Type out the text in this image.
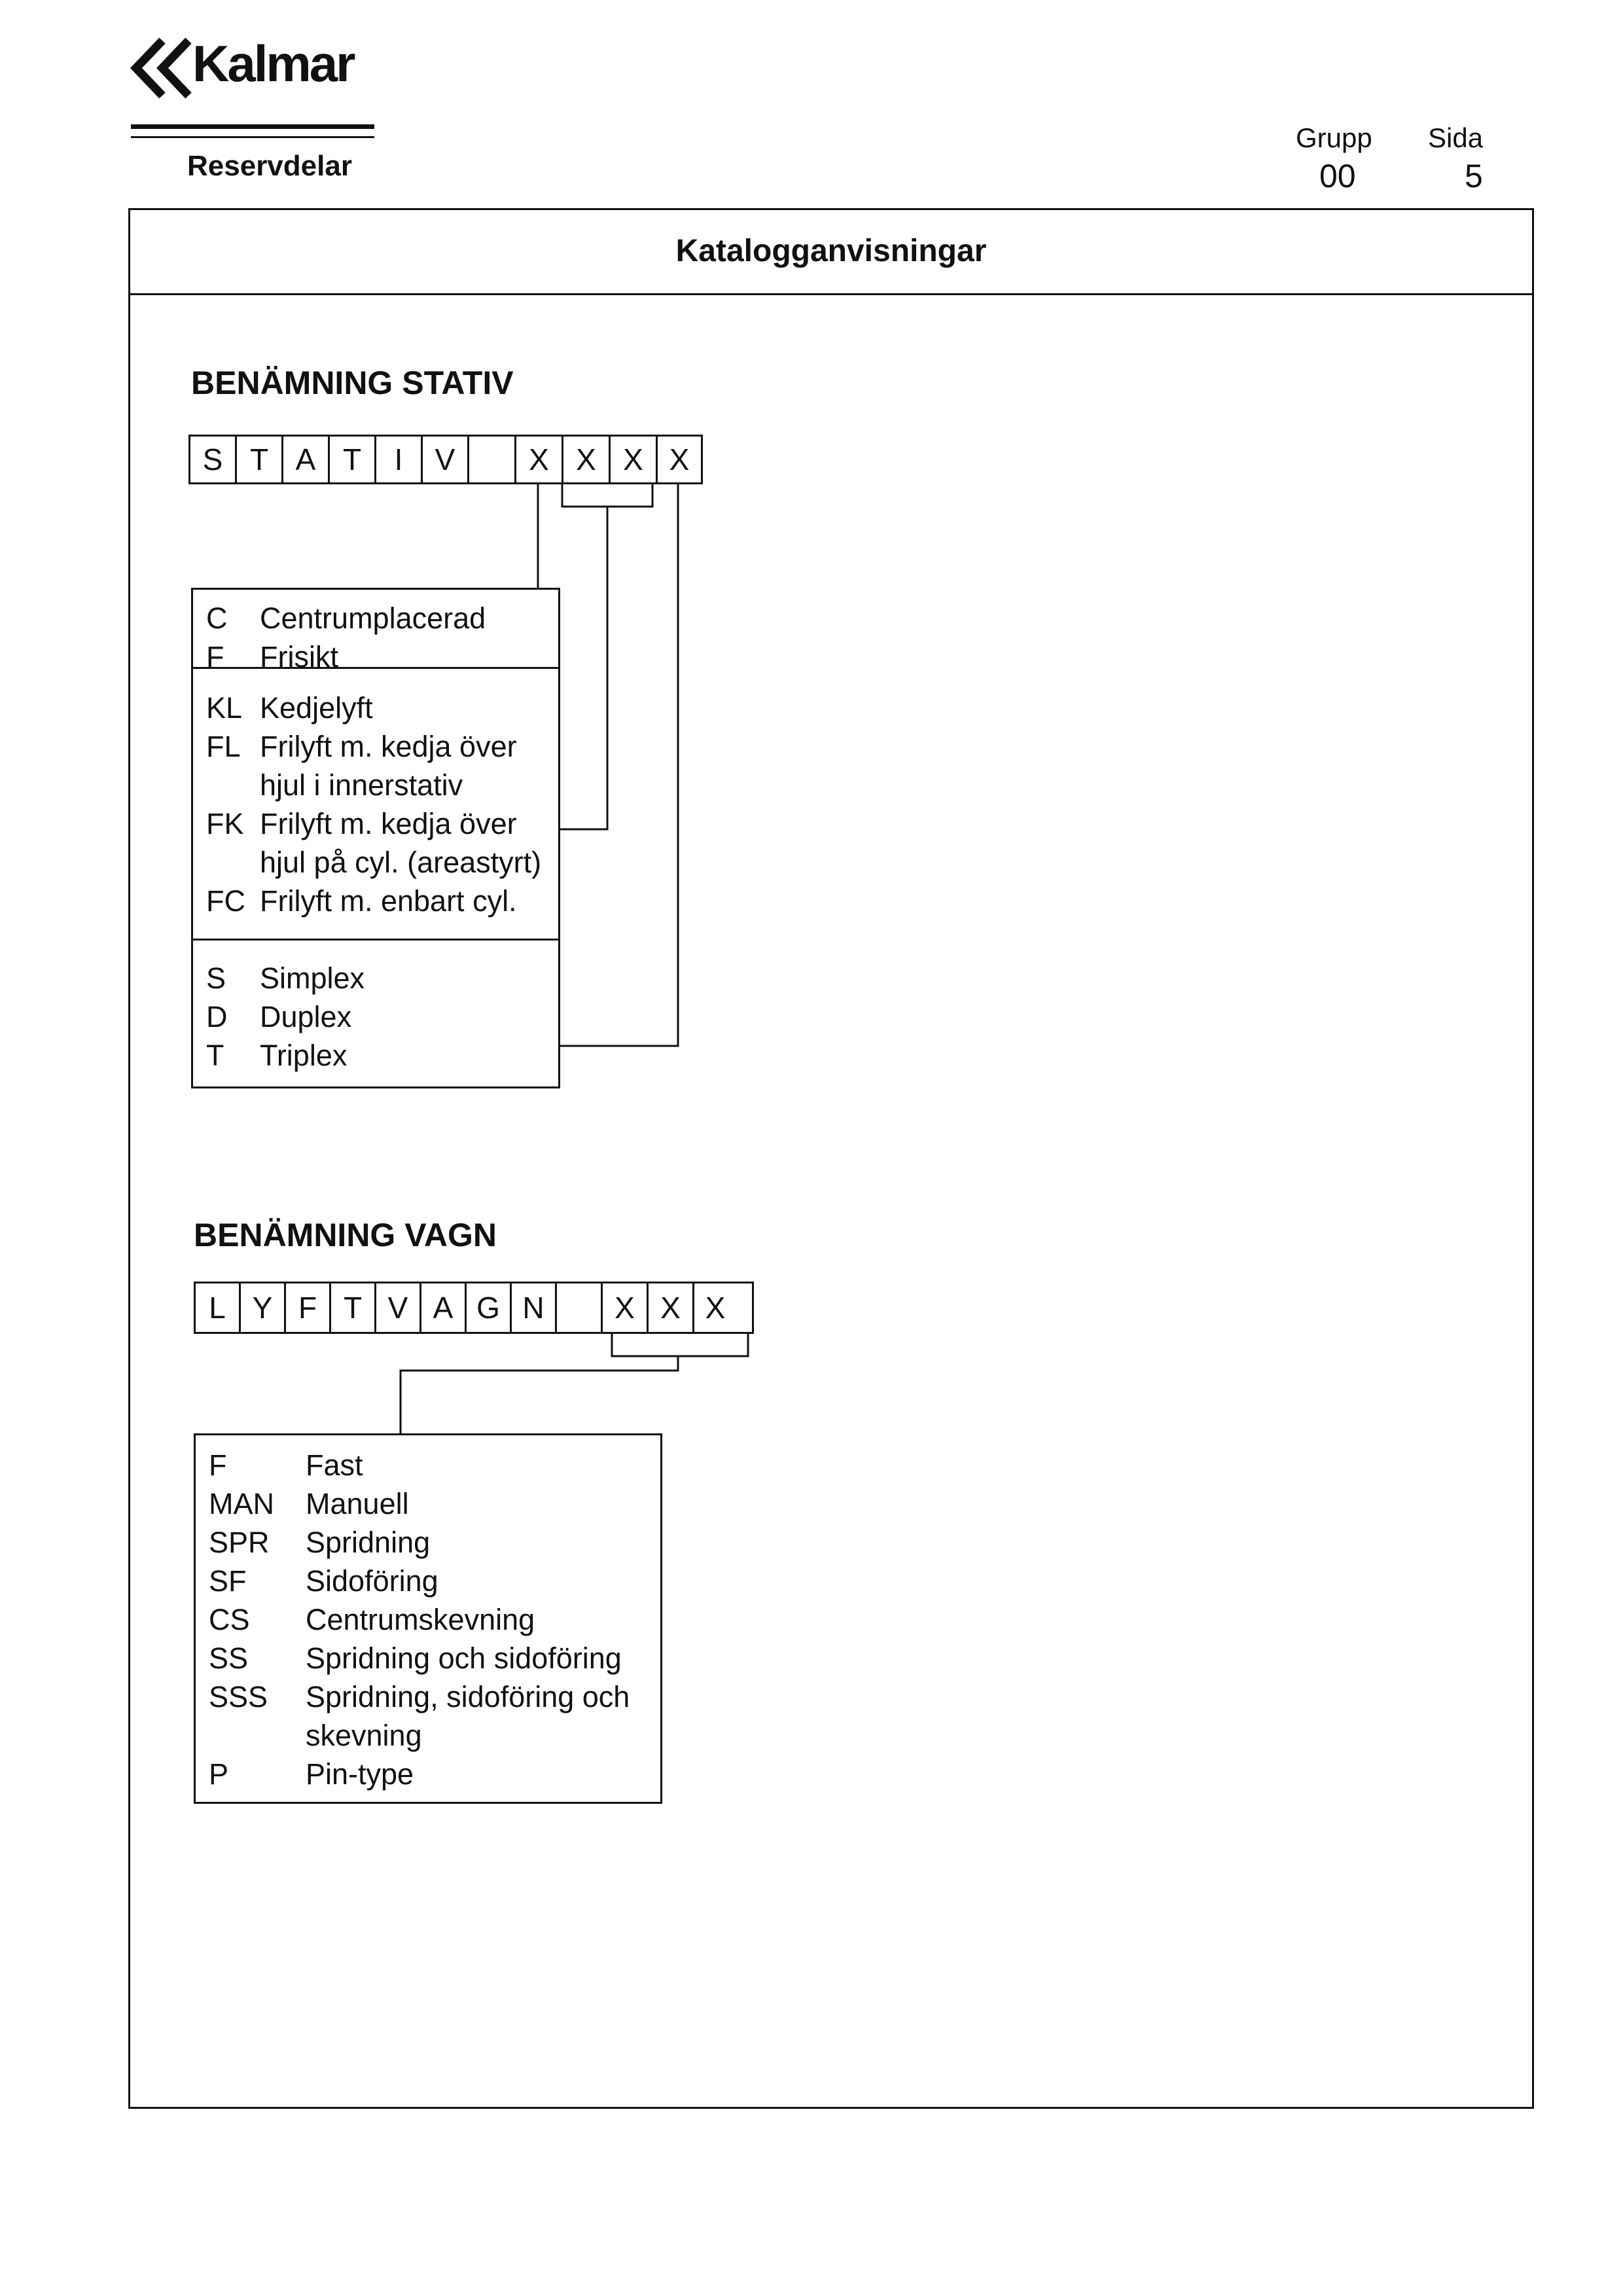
Kalmar
Reservdelar
Grupp
00
Sida
5
Katalogganvisningar
BENÄMNING STATIV
S T A T	I	V	X X X X
C	Centrumplacerad
F	Frisikt
KL Kedjelyft
FL Frilyft m. kedja över
hjul i innerstativ
FK Frilyft m. kedja över
hjul på cyl. (areastyrt)
FC Frilyft m. enbart cyl.
S	Simplex
D	Duplex
T	Triplex
BENÄMNING VAGN
L Y F T V A G N	X X X
F	Fast
MAN	Manuell
SPR	Spridning
SF	Sidoföring
CS	Centrumskevning
SS	Spridning och sidoföring
SSS	Spridning, sidoföring och
skevning
P	Pin-type
